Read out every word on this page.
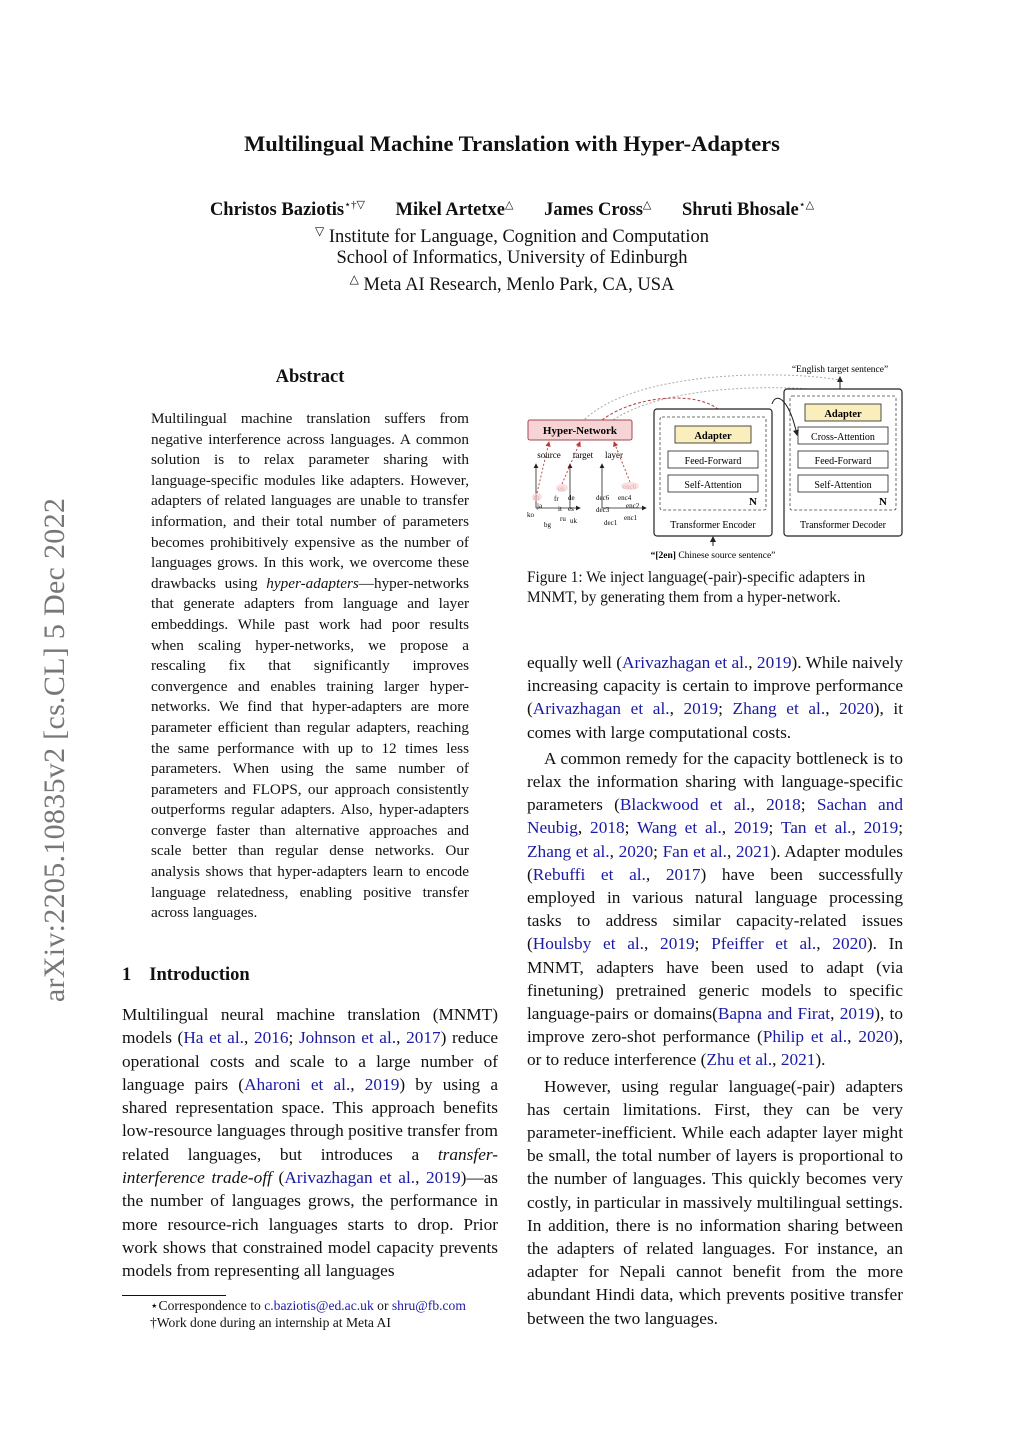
Multilingual Machine Translation with Hyper-Adapters
Christos Baziotis⋆†▽ Mikel Artetxe△ James Cross△ Shruti Bhosale⋆△
▽ Institute for Language, Cognition and Computation
School of Informatics, University of Edinburgh
△ Meta AI Research, Menlo Park, CA, USA
arXiv:2205.10835v2 [cs.CL] 5 Dec 2022
Abstract
Multilingual machine translation suffers from negative interference across languages. A common solution is to relax parameter sharing with language-specific modules like adapters. However, adapters of related languages are unable to transfer information, and their total number of parameters becomes prohibitively expensive as the number of languages grows. In this work, we overcome these drawbacks using hyper-adapters—hyper-networks that generate adapters from language and layer embeddings. While past work had poor results when scaling hyper-networks, we propose a rescaling fix that significantly improves convergence and enables training larger hyper-networks. We find that hyper-adapters are more parameter efficient than regular adapters, reaching the same performance with up to 12 times less parameters. When using the same number of parameters and FLOPS, our approach consistently outperforms regular adapters. Also, hyper-adapters converge faster than alternative approaches and scale better than regular dense networks. Our analysis shows that hyper-adapters learn to encode language relatedness, enabling positive transfer across languages.
1 Introduction
Multilingual neural machine translation (MNMT) models (Ha et al., 2016; Johnson et al., 2017) reduce operational costs and scale to a large number of language pairs (Aharoni et al., 2019) by using a shared representation space. This approach benefits low-resource languages through positive transfer from related languages, but introduces a transfer-interference trade-off (Arivazhagan et al., 2019)—as the number of languages grows, the performance in more resource-rich languages starts to drop. Prior work shows that constrained model capacity prevents models from representing all languages
⋆Correspondence to c.baziotis@ed.ac.uk or shru@fb.com
†Work done during an internship at Meta AI
“English target sentence”
Hyper-Network
source target layer
ja
ko
bg
fr
it
ru
de
es
uk
enc4
dec6
enc2
dec3
enc1
dec1
Adapter
Feed-Forward
Self-Attention
N
Transformer Encoder
Adapter
Cross-Attention
Feed-Forward
Self-Attention
N
Transformer Decoder
“[2en] Chinese source sentence”
Figure 1: We inject language(-pair)-specific adapters in MNMT, by generating them from a hyper-network.

equally well (Arivazhagan et al., 2019). While naively increasing capacity is certain to improve performance (Arivazhagan et al., 2019; Zhang et al., 2020), it comes with large computational costs.

A common remedy for the capacity bottleneck is to relax the information sharing with language-specific parameters (Blackwood et al., 2018; Sachan and Neubig, 2018; Wang et al., 2019; Tan et al., 2019; Zhang et al., 2020; Fan et al., 2021). Adapter modules (Rebuffi et al., 2017) have been successfully employed in various natural language processing tasks to address similar capacity-related issues (Houlsby et al., 2019; Pfeiffer et al., 2020). In MNMT, adapters have been used to adapt (via finetuning) pretrained generic models to specific language-pairs or domains(Bapna and Firat, 2019), to improve zero-shot performance (Philip et al., 2020), or to reduce interference (Zhu et al., 2021).

However, using regular language(-pair) adapters has certain limitations. First, they can be very parameter-inefficient. While each adapter layer might be small, the total number of layers is proportional to the number of languages. This quickly becomes very costly, in particular in massively multilingual settings. In addition, there is no information sharing between the adapters of related languages. For instance, an adapter for Nepali cannot benefit from the more abundant Hindi data, which prevents positive transfer between the two languages.
